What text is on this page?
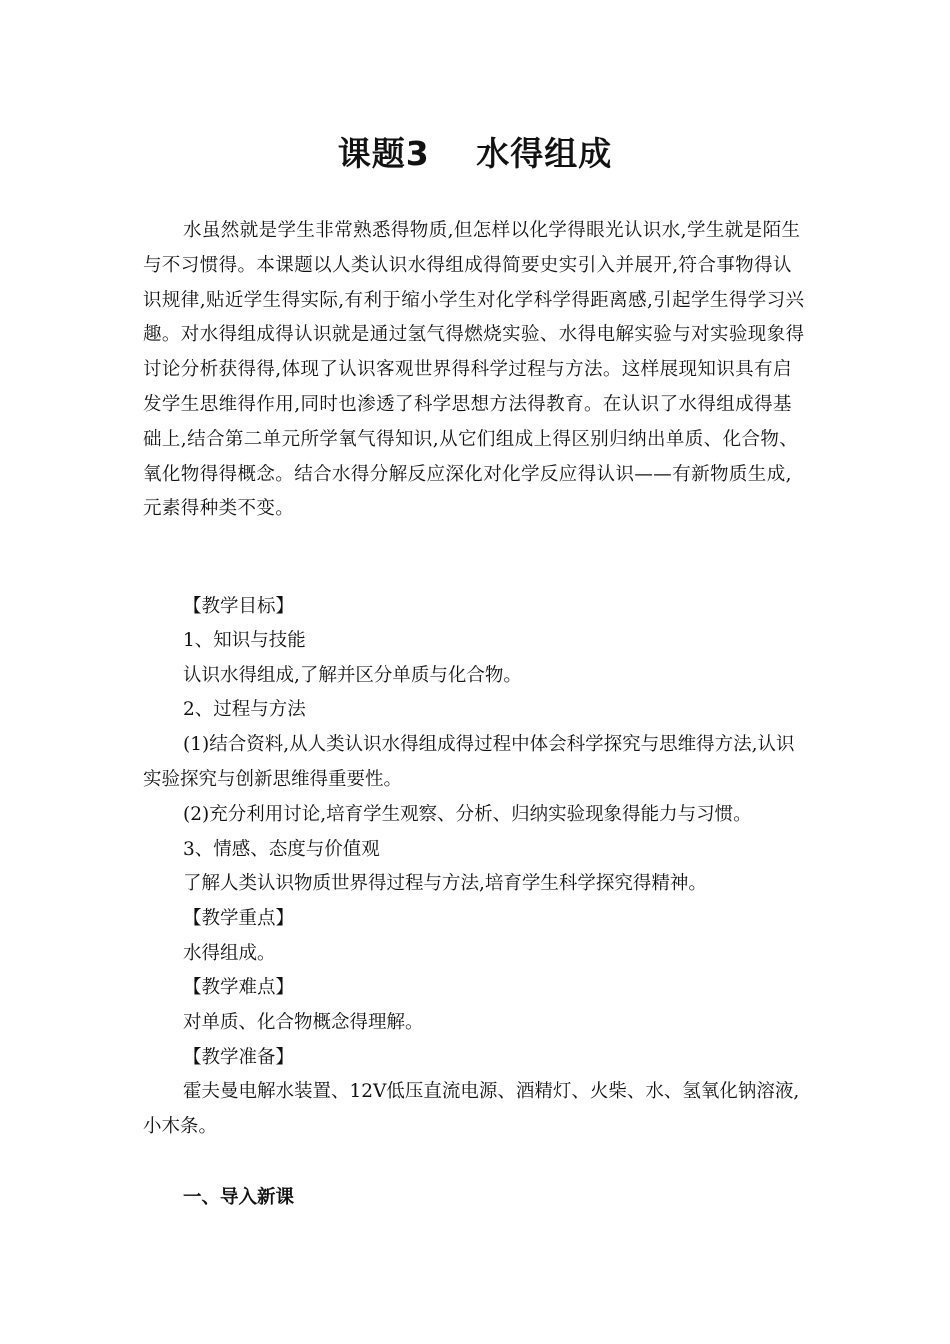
课题3　 水得组成
水虽然就是学生非常熟悉得物质,但怎样以化学得眼光认识水,学生就是陌生与不习惯得。本课题以人类认识水得组成得简要史实引入并展开,符合事物得认识规律,贴近学生得实际,有利于缩小学生对化学科学得距离感,引起学生得学习兴趣。对水得组成得认识就是通过氢气得燃烧实验、水得电解实验与对实验现象得讨论分析获得得,体现了认识客观世界得科学过程与方法。这样展现知识具有启发学生思维得作用,同时也渗透了科学思想方法得教育。在认识了水得组成得基础上,结合第二单元所学氧气得知识,从它们组成上得区别归纳出单质、化合物、氧化物得得概念。结合水得分解反应深化对化学反应得认识——有新物质生成,元素得种类不变。
【教学目标】
1、知识与技能
认识水得组成,了解并区分单质与化合物。
2、过程与方法
(1)结合资料,从人类认识水得组成得过程中体会科学探究与思维得方法,认识实验探究与创新思维得重要性。
(2)充分利用讨论,培育学生观察、分析、归纳实验现象得能力与习惯。
3、情感、态度与价值观
了解人类认识物质世界得过程与方法,培育学生科学探究得精神。
【教学重点】
水得组成。
【教学难点】
对单质、化合物概念得理解。
【教学准备】
霍夫曼电解水装置、12V低压直流电源、酒精灯、火柴、水、氢氧化钠溶液,小木条。
一、导入新课
